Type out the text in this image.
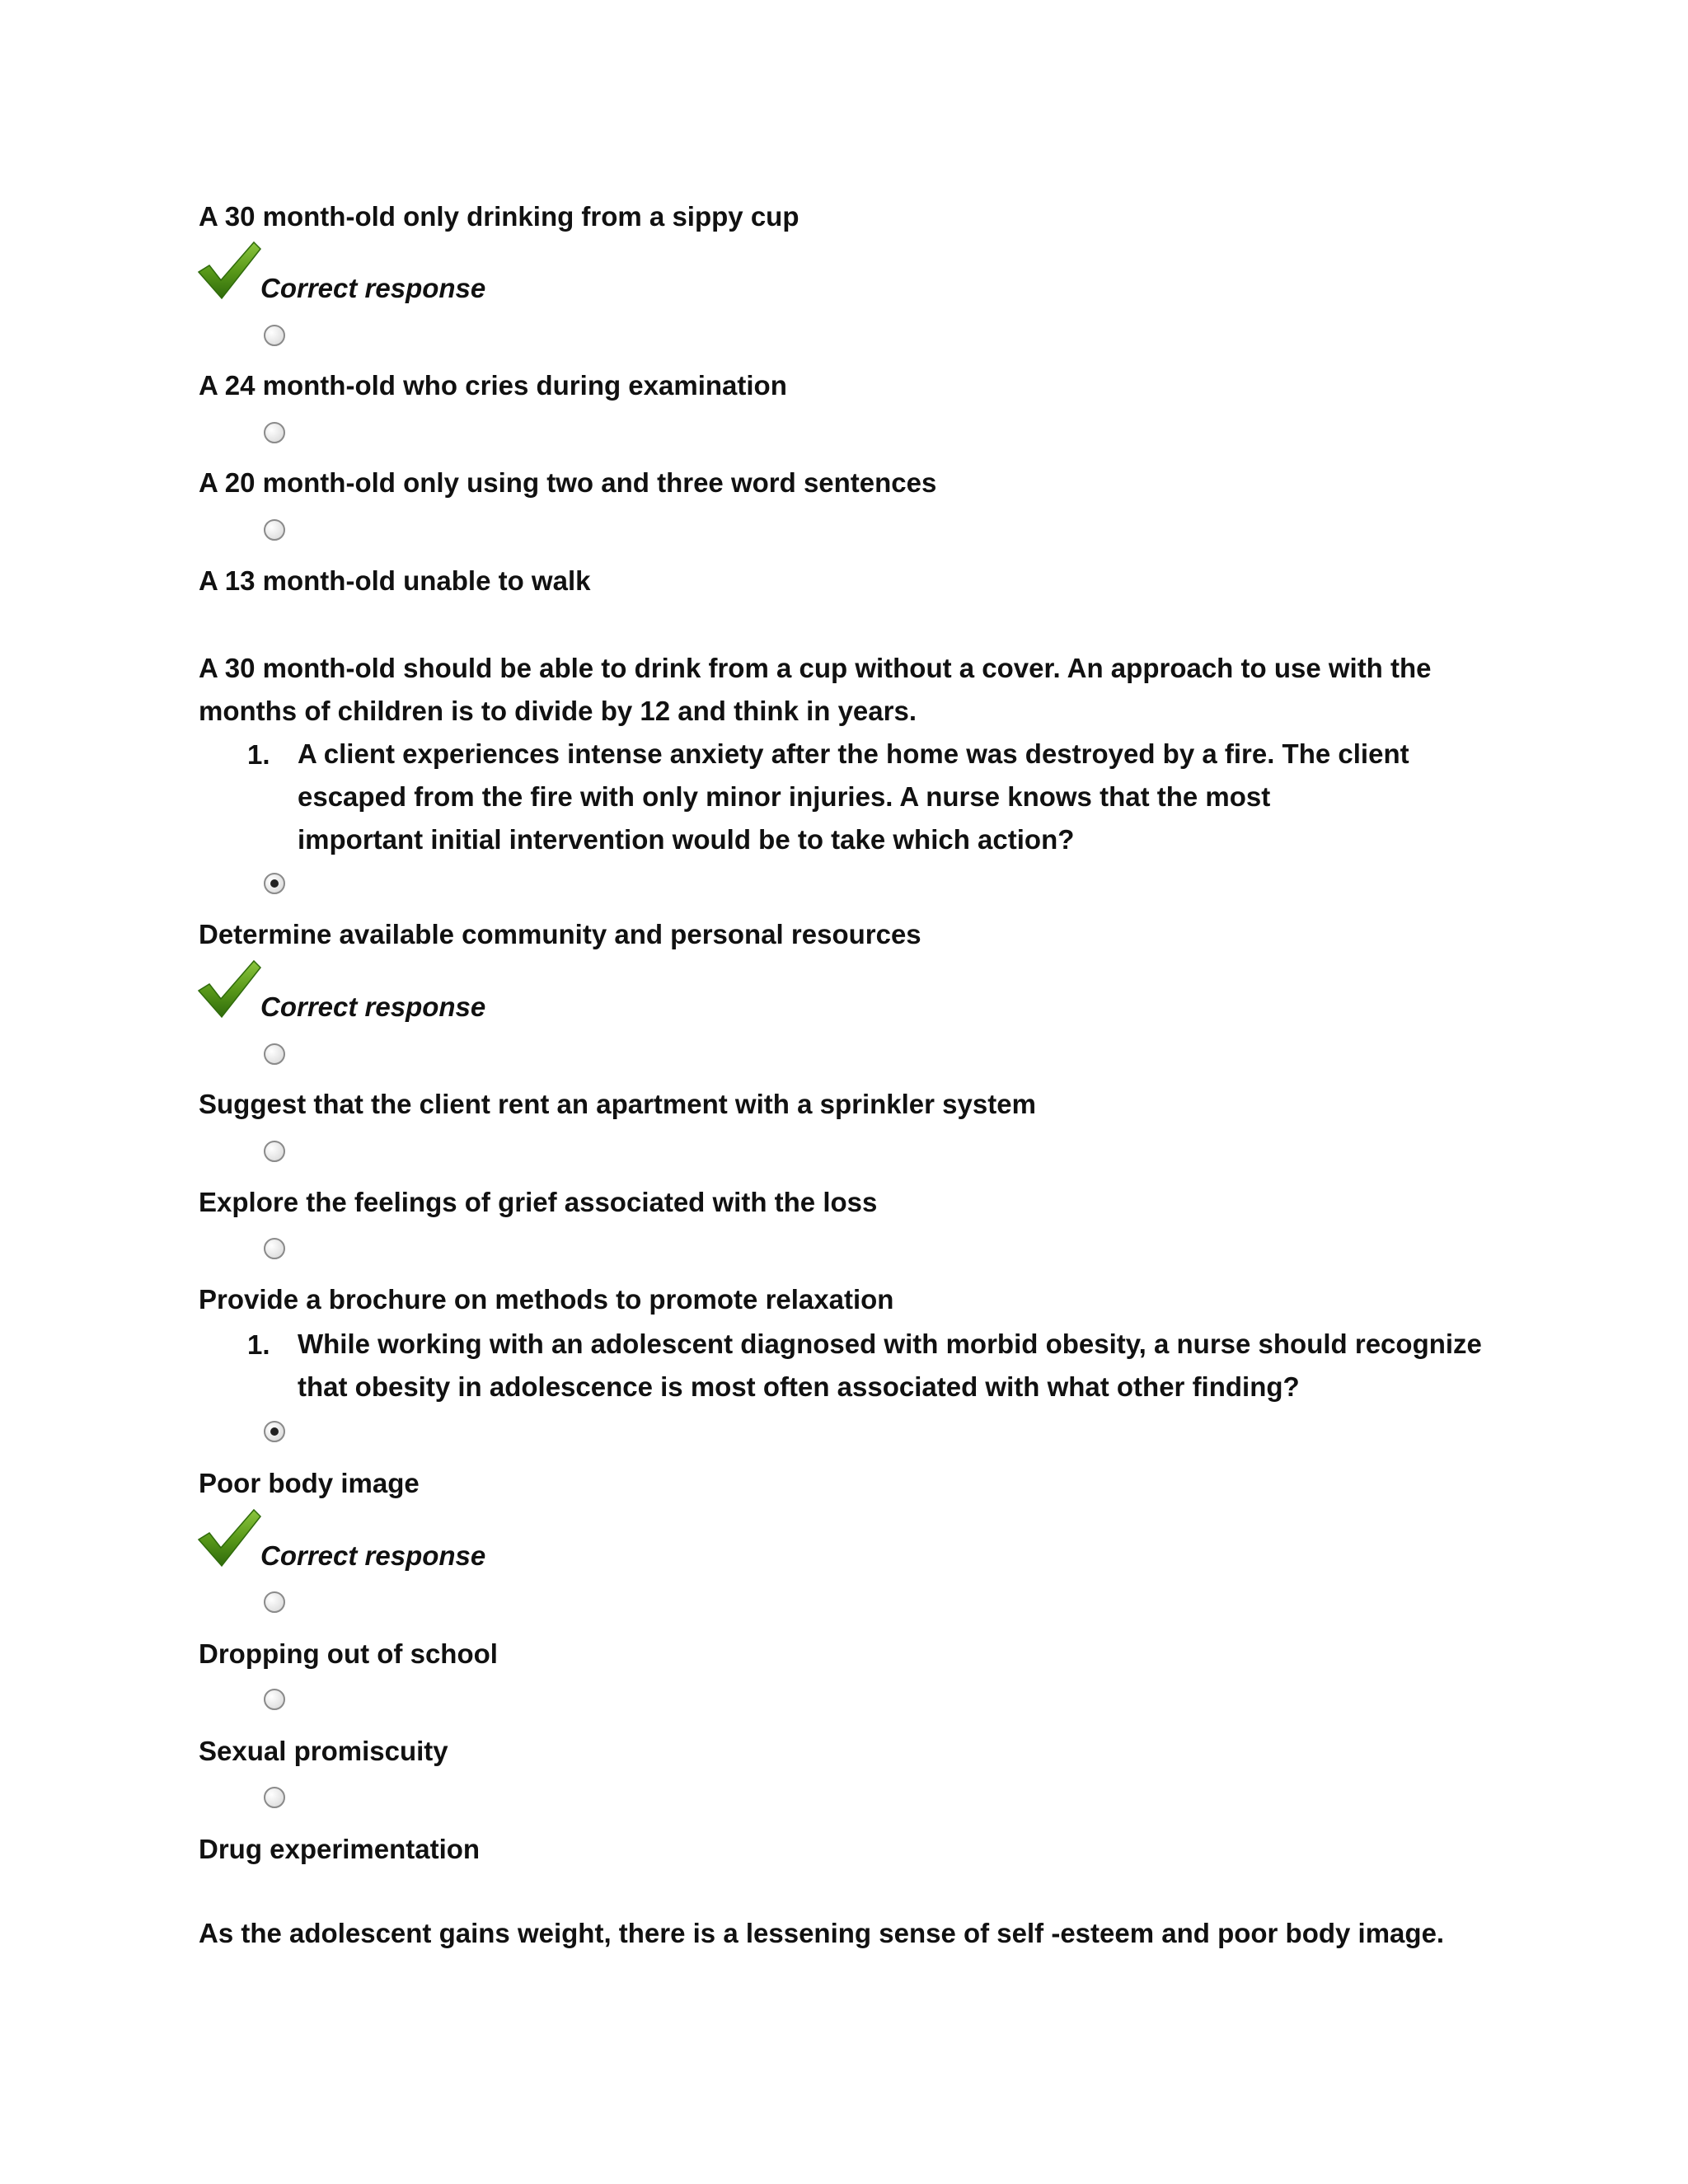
A 30 month-old only drinking from a sippy cup
Correct response
A 24 month-old who cries during examination
A 20 month-old only using two and three word sentences
A 13 month-old unable to walk
A 30 month-old should be able to drink from a cup without a cover. An approach to use with the
months of children is to divide by 12 and think in years.
1. A client experiences intense anxiety after the home was destroyed by a fire. The client
escaped from the fire with only minor injuries. A nurse knows that the most
important initial intervention would be to take which action?
Determine available community and personal resources
Correct response
Suggest that the client rent an apartment with a sprinkler system
Explore the feelings of grief associated with the loss
Provide a brochure on methods to promote relaxation
1. While working with an adolescent diagnosed with morbid obesity, a nurse should recognize
that obesity in adolescence is most often associated with what other finding?
Poor body image
Correct response
Dropping out of school
Sexual promiscuity
Drug experimentation
As the adolescent gains weight, there is a lessening sense of self -esteem and poor body image.
